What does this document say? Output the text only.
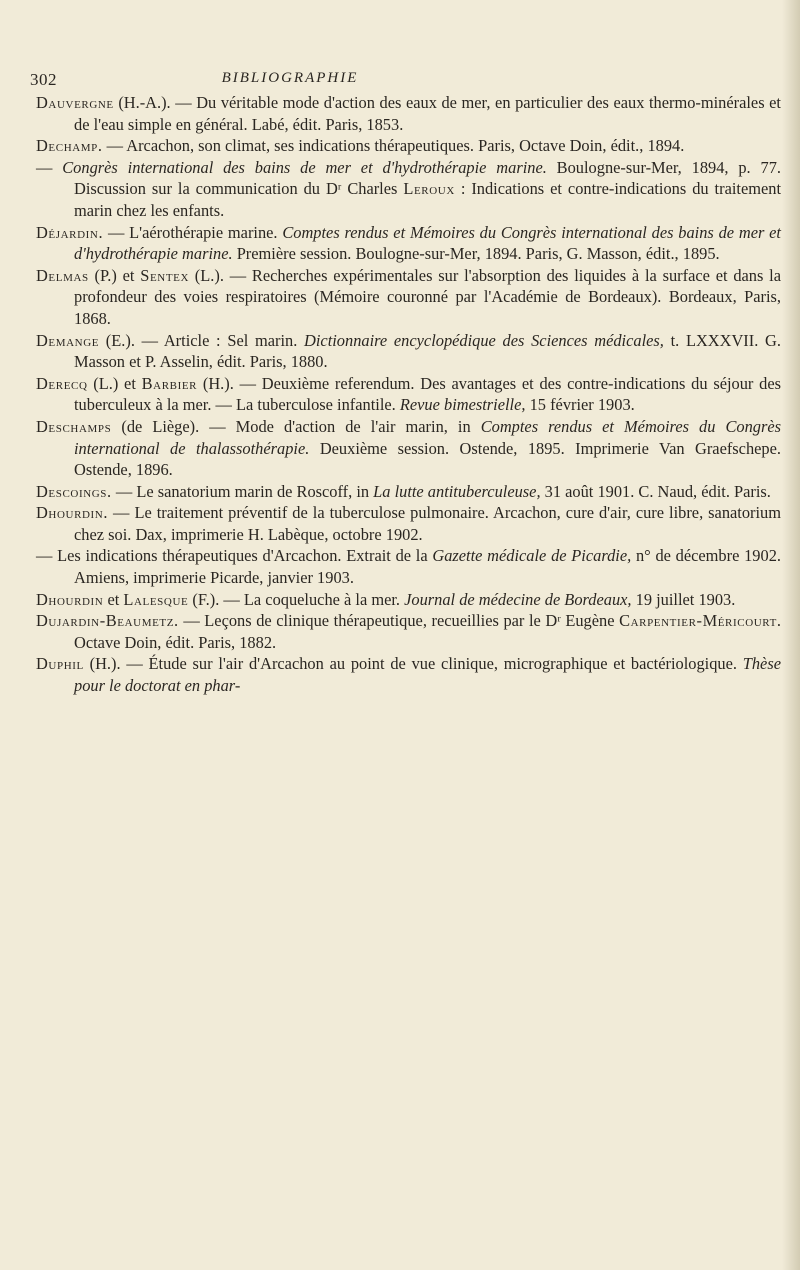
302	BIBLIOGRAPHIE

Dauvergne (H.-A.). — Du véritable mode d'action des eaux de mer, en particulier des eaux thermo-minérales et de l'eau simple en général. Labé, édit. Paris, 1853.

Dechamp. — Arcachon, son climat, ses indications thérapeutiques. Paris, Octave Doin, édit., 1894.

— Congrès international des bains de mer et d'hydrothérapie marine. Boulogne-sur-Mer, 1894, p. 77. Discussion sur la communication du Dʳ Charles Leroux : Indications et contre-indications du traitement marin chez les enfants.

Déjardin. — L'aérothérapie marine. Comptes rendus et Mémoires du Congrès international des bains de mer et d'hydrothérapie marine. Première session. Boulogne-sur-Mer, 1894. Paris, G. Masson, édit., 1895.

Delmas (P.) et Sentex (L.). — Recherches expérimentales sur l'absorption des liquides à la surface et dans la profondeur des voies respiratoires (Mémoire couronné par l'Académie de Bordeaux). Bordeaux, Paris, 1868.

Demange (E.). — Article : Sel marin. Dictionnaire encyclopédique des Sciences médicales, t. LXXXVII. G. Masson et P. Asselin, édit. Paris, 1880.

Derecq (L.) et Barbier (H.). — Deuxième referendum. Des avantages et des contre-indications du séjour des tuberculeux à la mer. — La tuberculose infantile. Revue bimestrielle, 15 février 1903.

Deschamps (de Liège). — Mode d'action de l'air marin, in Comptes rendus et Mémoires du Congrès international de thalassothérapie. Deuxième session. Ostende, 1895. Imprimerie Van Graefschepe. Ostende, 1896.

Descoings. — Le sanatorium marin de Roscoff, in La lutte antituberculeuse, 31 août 1901. C. Naud, édit. Paris.

Dhourdin. — Le traitement préventif de la tuberculose pulmonaire. Arcachon, cure d'air, cure libre, sanatorium chez soi. Dax, imprimerie H. Labèque, octobre 1902.

— Les indications thérapeutiques d'Arcachon. Extrait de la Gazette médicale de Picardie, n° de décembre 1902. Amiens, imprimerie Picarde, janvier 1903.

Dhourdin et Lalesque (F.). — La coqueluche à la mer. Journal de médecine de Bordeaux, 19 juillet 1903.

Dujardin-Beaumetz. — Leçons de clinique thérapeutique, recueillies par le Dʳ Eugène Carpentier-Méricourt. Octave Doin, édit. Paris, 1882.

Duphil (H.). — Étude sur l'air d'Arcachon au point de vue clinique, micrographique et bactériologique. Thèse pour le doctorat en phar-
